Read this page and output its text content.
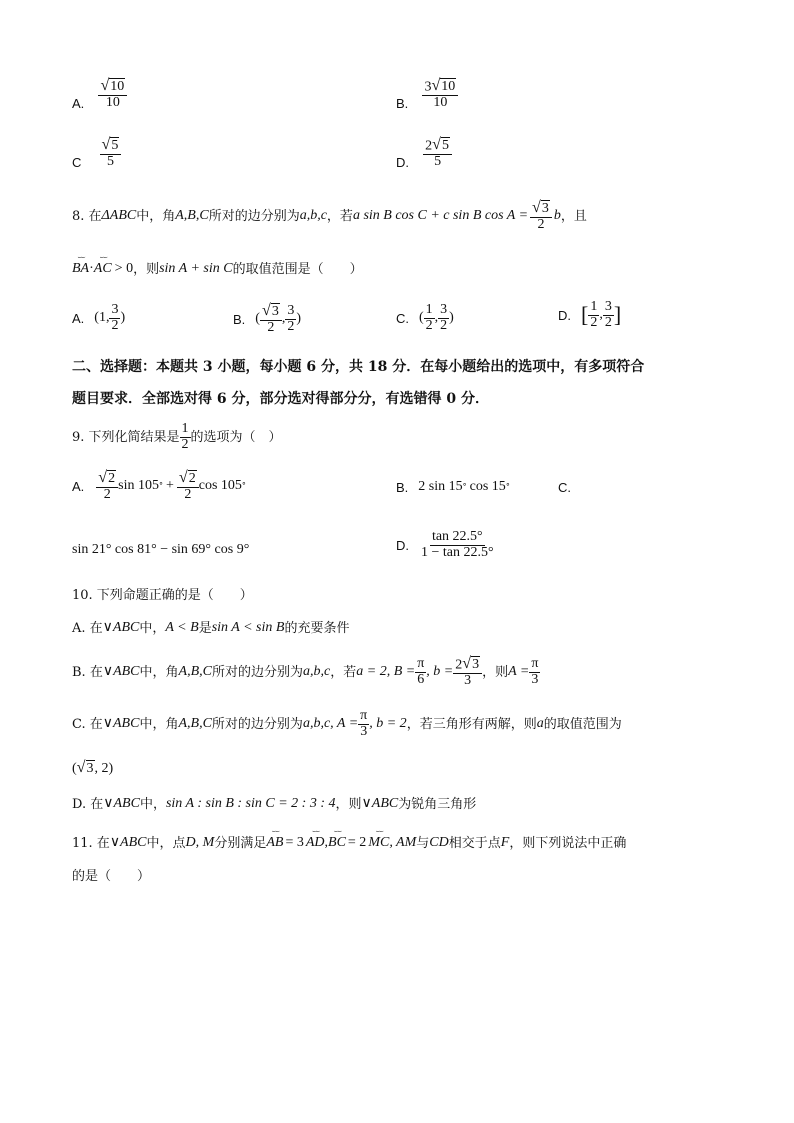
A. $\frac{√ 10}{10}$	B. $\frac{3 √ 10}{10}$
C $\frac{√ 5}{5}$	D. $\frac{2 √ 5}{5}$
8. 在 ΔABC 中，角 A,B,C 所对的边分别为 a,b,c ，若 a sin B cos C + c sin B $\cos A = \frac{√ 3}{2}$ b ，且
⌣⌣ BA · ⌣⌣ AC > 0 ，则 sin A + sin C 的取值范围是（　　）
A. (1, $\frac{3}{2}$ )	B. ( $\frac{√ 3}{2}$ , $\frac{3}{2}$ )	C. ( $\frac{1}{2}$ , $\frac{3}{2}$ )	D. [ $\frac{1}{2}$ , $\frac{3}{2}$ ]
二、选择题：本题共 3 小题，每小题 6 分，共 18 分．在每小题给出的选项中，有多项符合
题目要求．全部选对得 6 分，部分选对得部分分，有选错得 0 分．
9. 下列化简结果是 $\frac{1}{2}$ 的选项为（　）
A. $\frac{√ 2}{2}$ sin 105 ° + $\frac{√ 2}{2}$ cos 105 °	B. 2 sin 15 ° cos 15 °	C.
sin 21° cos 81° − sin 69° cos 9°	D. $\frac{\tan 22.5^\circ}{1 - \tan 22.5^\circ}$
10. 下列命题正确的是（　　）
A. 在 ∨ABC 中， A < B 是 sin A < sin B 的充要条件
B. 在 ∨ABC 中，角 A,B,C 所对的边分别为 a,b,c ，若 a = 2, $B = \frac{\pi}{6}$ , $b = \frac{2 √ 3}{3}$ ，则 $A = \frac{\pi}{3}$
C. 在 ∨ABC 中，角 A,B,C 所对的边分别为 a,b,c, $A = \frac{\pi}{3}$ , b = 2 ，若三角形有两解，则 a 的取值范围为
( √ 3 , 2)
D. 在 ∨ABC 中， sin A : sin B : sin C = 2 : 3 : 4 ，则 ∨ABC 为锐角三角形
11. 在 ∨ABC 中，点 D, M 分别满足 ⌣⌣ AB = 3 ⌣⌣ AD , ⌣⌣ BC = 2 ⌣⌣ MC , AM 与 CD 相交于点 F ，则下列说法中正确
的是（　　）
